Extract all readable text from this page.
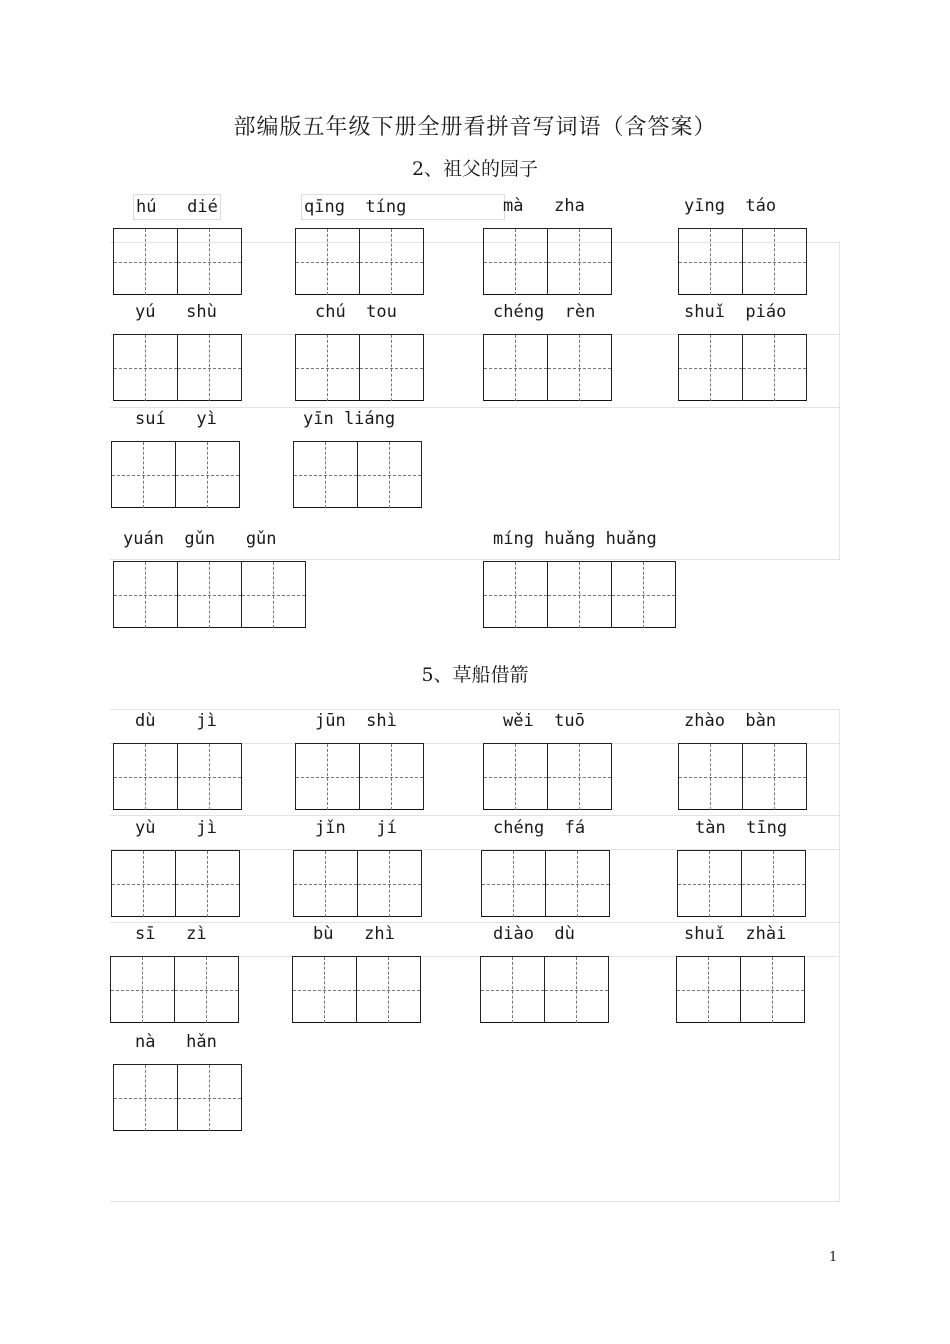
部编版五年级下册全册看拼音写词语（含答案）
2、祖父的园子
5、草船借箭
hú   dié	qīng  tíng	mà   zha	yīng  táo
yú   shù	chú  tou	chéng  rèn	shuǐ  piáo
suí   yì	yīn liáng
yuán  gǔn   gǔn	míng huǎng huǎng
dù    jì	jūn  shì	wěi  tuō	zhào  bàn
yù    jì	jǐn   jí	chéng  fá	tàn  tīng
sī   zì	bù   zhì	diào  dù	shuǐ  zhài
nà   hǎn
1
